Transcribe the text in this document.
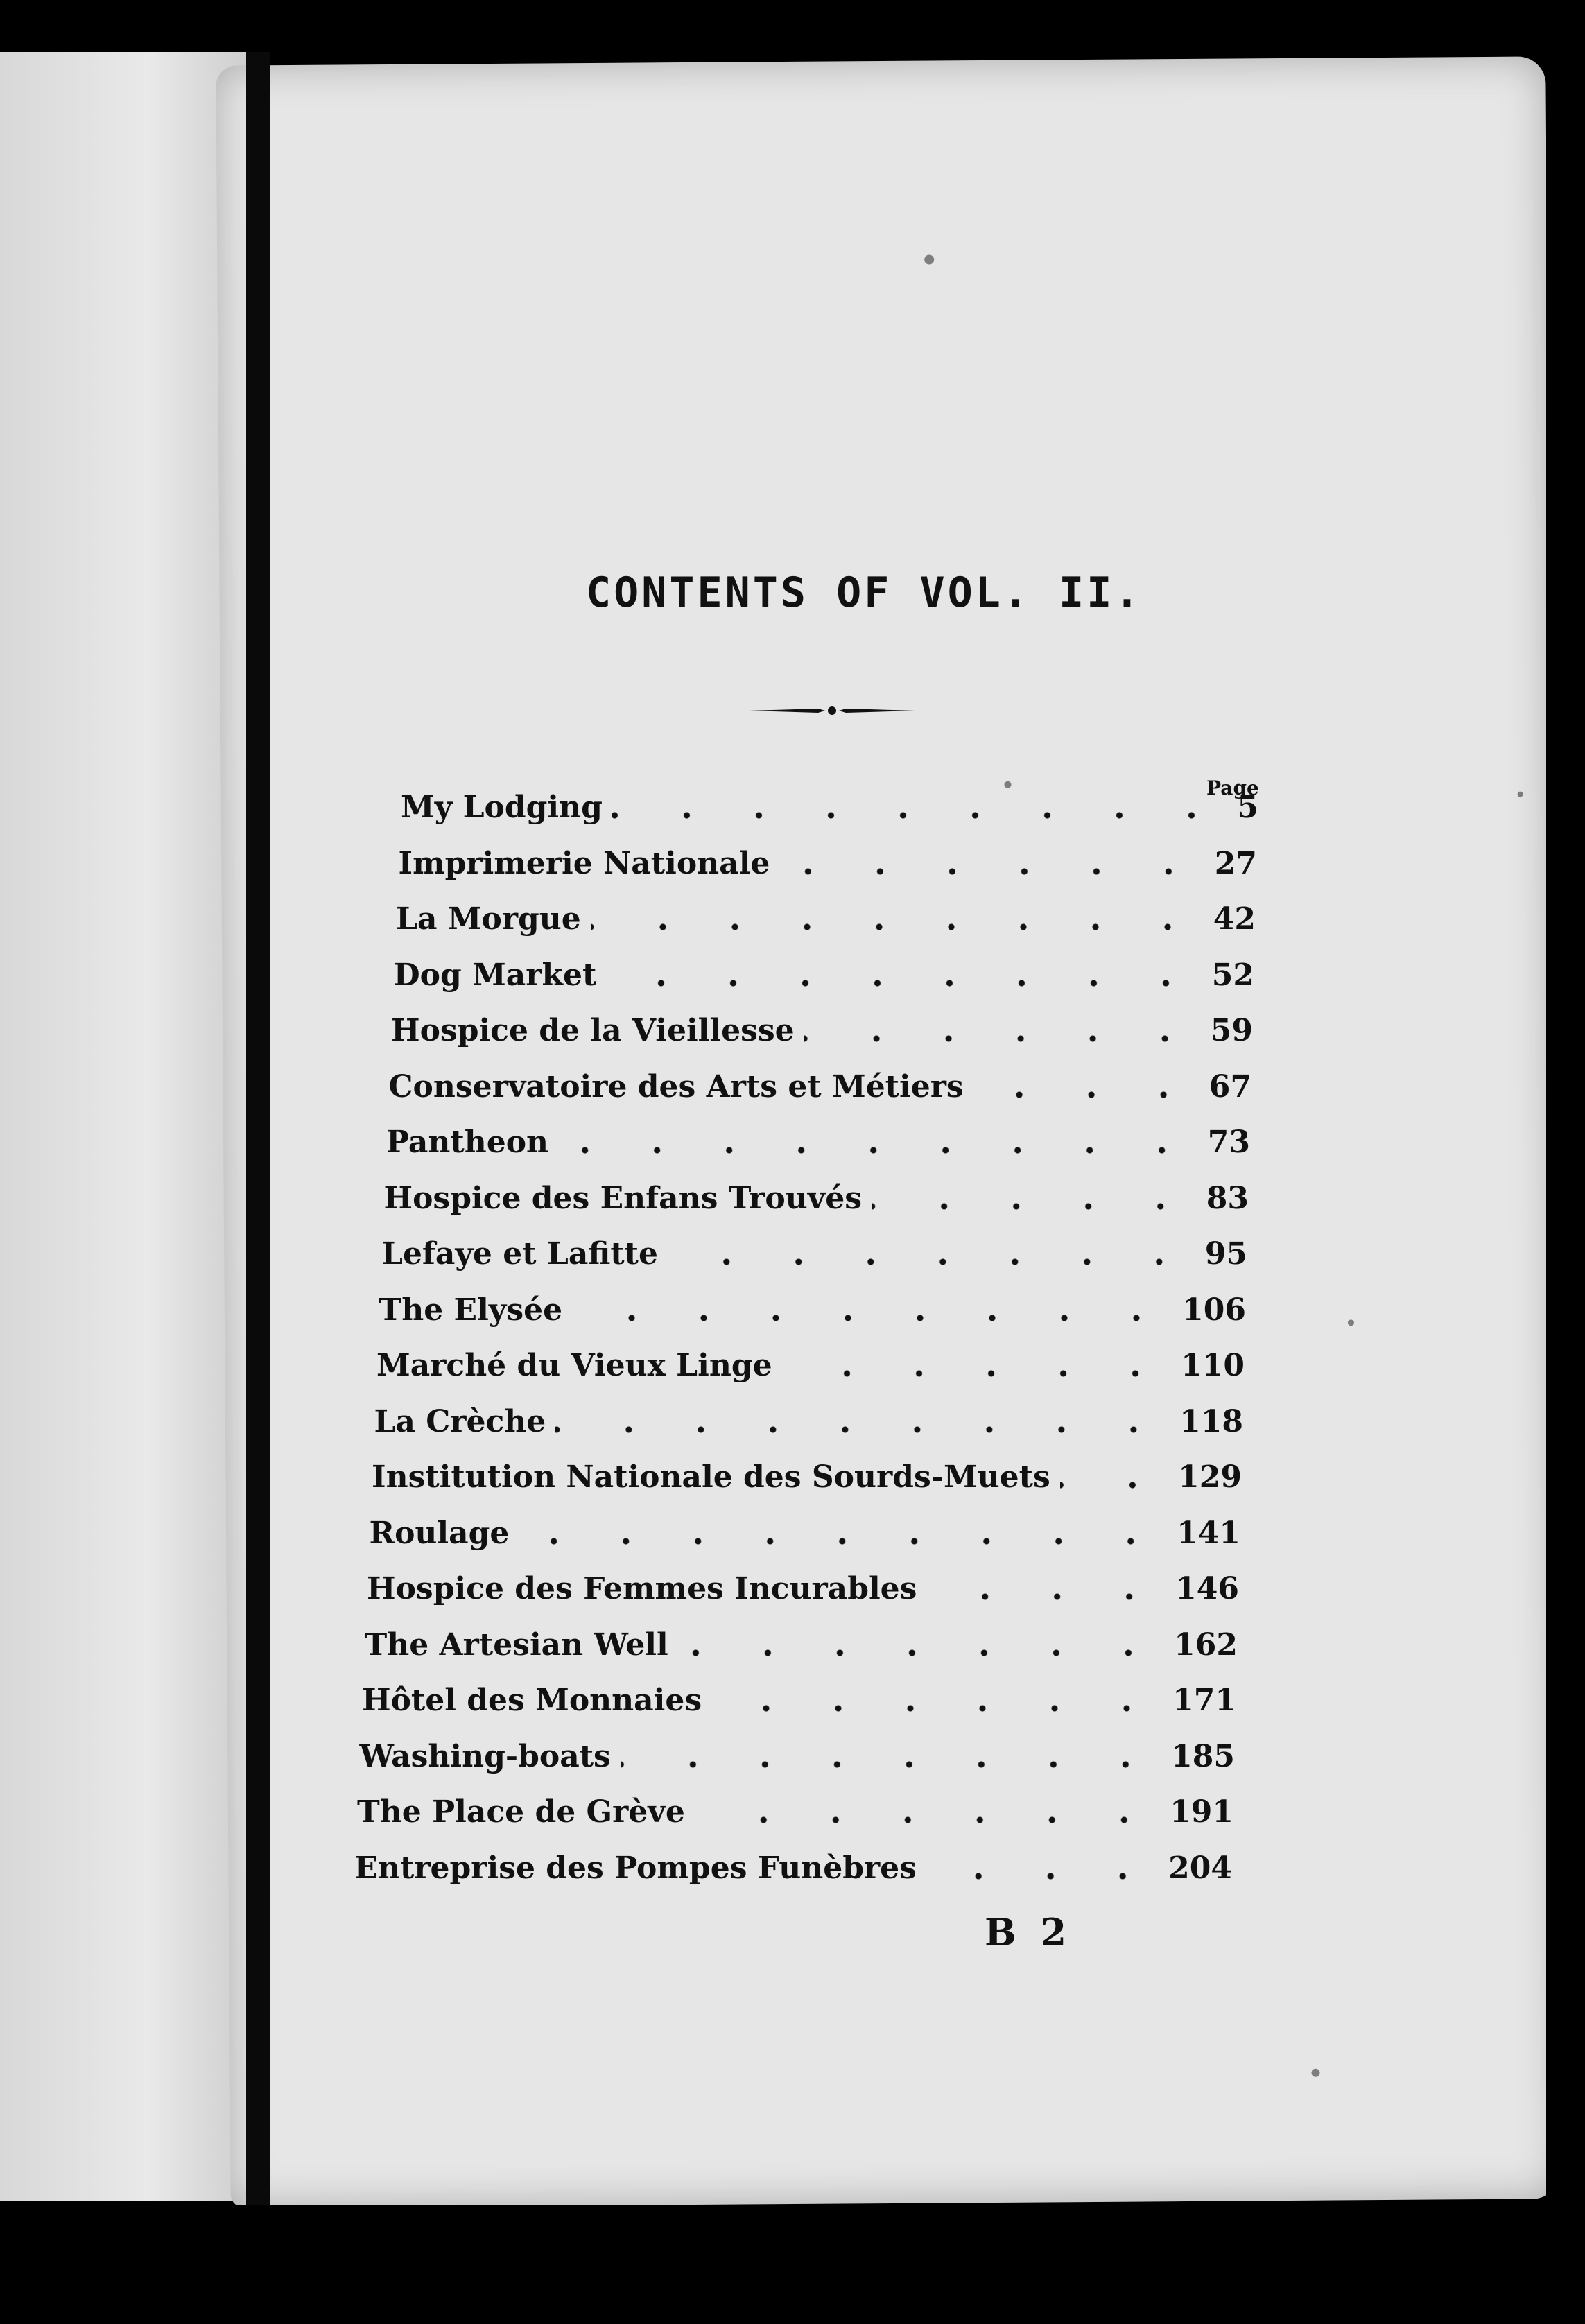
CONTENTS OF VOL. II.
Page
My Lodging	5
Imprimerie Nationale	27
La Morgue	42
Dog Market	52
Hospice de la Vieillesse	59
Conservatoire des Arts et Métiers	67
Pantheon	73
Hospice des Enfans Trouvés	83
Lefaye et Lafitte	95
The Elysée	106
Marché du Vieux Linge	110
La Crèche	118
Institution Nationale des Sourds-Muets	129
Roulage	141
Hospice des Femmes Incurables	146
The Artesian Well	162
Hôtel des Monnaies	171
Washing-boats	185
The Place de Grève	191
Entreprise des Pompes Funèbres	204
B 2
